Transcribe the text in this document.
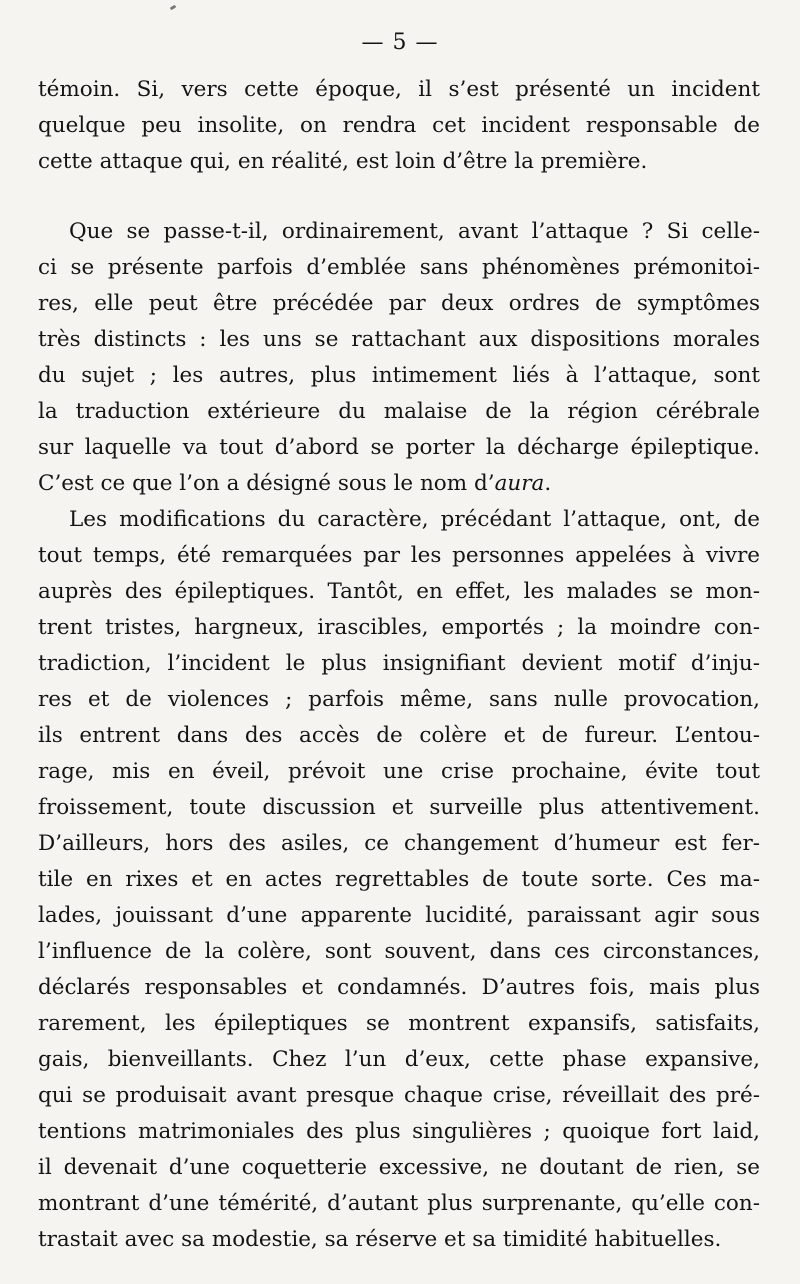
— 5 —
témoin. Si, vers cette époque, il s’est présenté un incident
quelque peu insolite, on rendra cet incident responsable de
cette attaque qui, en réalité, est loin d’être la première.
Que se passe-t-il, ordinairement, avant l’attaque ? Si celle-
ci se présente parfois d’emblée sans phénomènes prémonitoi-
res, elle peut être précédée par deux ordres de symptômes
très distincts : les uns se rattachant aux dispositions morales
du sujet ; les autres, plus intimement liés à l’attaque, sont
la traduction extérieure du malaise de la région cérébrale
sur laquelle va tout d’abord se porter la décharge épileptique.
C’est ce que l’on a désigné sous le nom d’aura.
Les modifications du caractère, précédant l’attaque, ont, de
tout temps, été remarquées par les personnes appelées à vivre
auprès des épileptiques. Tantôt, en effet, les malades se mon-
trent tristes, hargneux, irascibles, emportés ; la moindre con-
tradiction, l’incident le plus insignifiant devient motif d’inju-
res et de violences ; parfois même, sans nulle provocation,
ils entrent dans des accès de colère et de fureur. L’entou-
rage, mis en éveil, prévoit une crise prochaine, évite tout
froissement, toute discussion et surveille plus attentivement.
D’ailleurs, hors des asiles, ce changement d’humeur est fer-
tile en rixes et en actes regrettables de toute sorte. Ces ma-
lades, jouissant d’une apparente lucidité, paraissant agir sous
l’influence de la colère, sont souvent, dans ces circonstances,
déclarés responsables et condamnés. D’autres fois, mais plus
rarement, les épileptiques se montrent expansifs, satisfaits,
gais, bienveillants. Chez l’un d’eux, cette phase expansive,
qui se produisait avant presque chaque crise, réveillait des pré-
tentions matrimoniales des plus singulières ; quoique fort laid,
il devenait d’une coquetterie excessive, ne doutant de rien, se
montrant d’une témérité, d’autant plus surprenante, qu’elle con-
trastait avec sa modestie, sa réserve et sa timidité habituelles.
